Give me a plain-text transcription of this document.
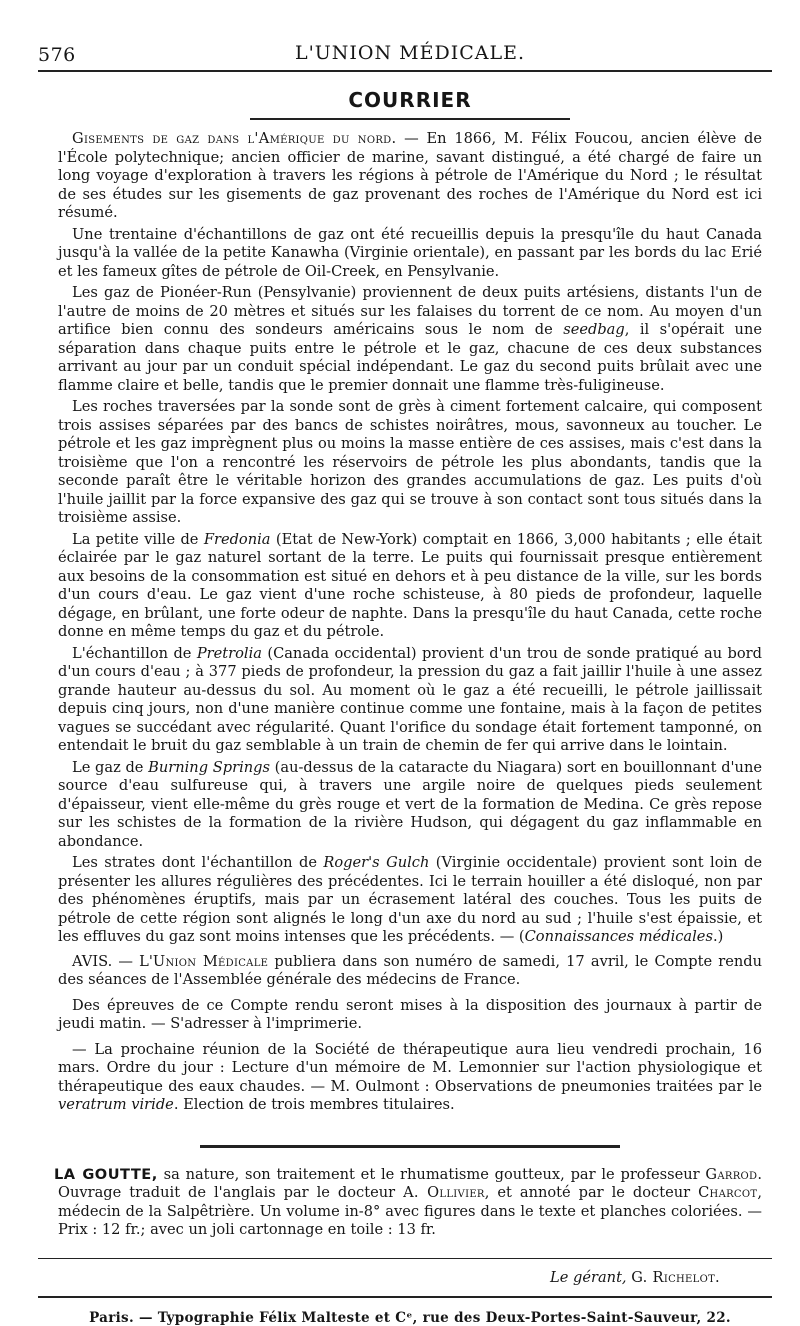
576	L'UNION MÉDICALE.
COURRIER

Gisements de gaz dans l'Amérique du nord. — En 1866, M. Félix Foucou, ancien élève de l'École polytechnique; ancien officier de marine, savant distingué, a été chargé de faire un long voyage d'exploration à travers les régions à pétrole de l'Amérique du Nord ; le résultat de ses études sur les gisements de gaz provenant des roches de l'Amérique du Nord est ici résumé.

Une trentaine d'échantillons de gaz ont été recueillis depuis la presqu'île du haut Canada jusqu'à la vallée de la petite Kanawha (Virginie orientale), en passant par les bords du lac Erié et les fameux gîtes de pétrole de Oil-Creek, en Pensylvanie.

Les gaz de Pionéer-Run (Pensylvanie) proviennent de deux puits artésiens, distants l'un de l'autre de moins de 20 mètres et situés sur les falaises du torrent de ce nom. Au moyen d'un artifice bien connu des sondeurs américains sous le nom de seedbag, il s'opérait une séparation dans chaque puits entre le pétrole et le gaz, chacune de ces deux substances arrivant au jour par un conduit spécial indépendant. Le gaz du second puits brûlait avec une flamme claire et belle, tandis que le premier donnait une flamme très-fuligineuse.

Les roches traversées par la sonde sont de grès à ciment fortement calcaire, qui composent trois assises séparées par des bancs de schistes noirâtres, mous, savonneux au toucher. Le pétrole et les gaz imprègnent plus ou moins la masse entière de ces assises, mais c'est dans la troisième que l'on a rencontré les réservoirs de pétrole les plus abondants, tandis que la seconde paraît être le véritable horizon des grandes accumulations de gaz. Les puits d'où l'huile jaillit par la force expansive des gaz qui se trouve à son contact sont tous situés dans la troisième assise.

La petite ville de Fredonia (Etat de New-York) comptait en 1866, 3,000 habitants ; elle était éclairée par le gaz naturel sortant de la terre. Le puits qui fournissait presque entièrement aux besoins de la consommation est situé en dehors et à peu distance de la ville, sur les bords d'un cours d'eau. Le gaz vient d'une roche schisteuse, à 80 pieds de profondeur, laquelle dégage, en brûlant, une forte odeur de naphte. Dans la presqu'île du haut Canada, cette roche donne en même temps du gaz et du pétrole.

L'échantillon de Pretrolia (Canada occidental) provient d'un trou de sonde pratiqué au bord d'un cours d'eau ; à 377 pieds de profondeur, la pression du gaz a fait jaillir l'huile à une assez grande hauteur au-dessus du sol. Au moment où le gaz a été recueilli, le pétrole jaillissait depuis cinq jours, non d'une manière continue comme une fontaine, mais à la façon de petites vagues se succédant avec régularité. Quant l'orifice du sondage était fortement tamponné, on entendait le bruit du gaz semblable à un train de chemin de fer qui arrive dans le lointain.

Le gaz de Burning Springs (au-dessus de la cataracte du Niagara) sort en bouillonnant d'une source d'eau sulfureuse qui, à travers une argile noire de quelques pieds seulement d'épaisseur, vient elle-même du grès rouge et vert de la formation de Medina. Ce grès repose sur les schistes de la formation de la rivière Hudson, qui dégagent du gaz inflammable en abondance.

Les strates dont l'échantillon de Roger's Gulch (Virginie occidentale) provient sont loin de présenter les allures régulières des précédentes. Ici le terrain houiller a été disloqué, non par des phénomènes éruptifs, mais par un écrasement latéral des couches. Tous les puits de pétrole de cette région sont alignés le long d'un axe du nord au sud ; l'huile s'est épaissie, et les effluves du gaz sont moins intenses que les précédents. — (Connaissances médicales.)

AVIS. — L'Union Médicale publiera dans son numéro de samedi, 17 avril, le Compte rendu des séances de l'Assemblée générale des médecins de France.

Des épreuves de ce Compte rendu seront mises à la disposition des journaux à partir de jeudi matin. — S'adresser à l'imprimerie.

— La prochaine réunion de la Société de thérapeutique aura lieu vendredi prochain, 16 mars. Ordre du jour : Lecture d'un mémoire de M. Lemonnier sur l'action physiologique et thérapeutique des eaux chaudes. — M. Oulmont : Observations de pneumonies traitées par le veratrum viride. Election de trois membres titulaires.

LA GOUTTE, sa nature, son traitement et le rhumatisme goutteux, par le professeur Garrod. Ouvrage traduit de l'anglais par le docteur A. Ollivier, et annoté par le docteur Charcot, médecin de la Salpêtrière. Un volume in-8° avec figures dans le texte et planches coloriées. — Prix : 12 fr.; avec un joli cartonnage en toile : 13 fr.

Le gérant, G. Richelot.
Paris. — Typographie Félix Malteste et Cᵉ, rue des Deux-Portes-Saint-Sauveur, 22.
